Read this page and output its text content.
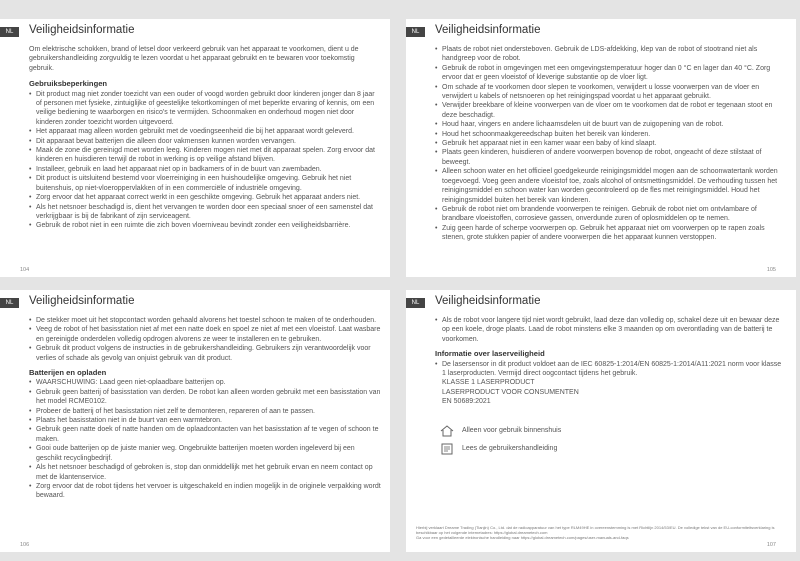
NL	Veiligheidsinformatie

Om elektrische schokken, brand of letsel door verkeerd gebruik van het apparaat te voorkomen, dient u de gebruikershandleiding zorgvuldig te lezen voordat u het apparaat gebruikt en te bewaren voor toekomstig gebruik.

Gebruiksbeperkingen
• Dit product mag niet zonder toezicht van een ouder of voogd worden gebruikt door kinderen jonger dan 8 jaar of personen met fysieke, zintuiglijke of geestelijke tekortkomingen of met beperkte ervaring of kennis, om een veilige bediening te waarborgen en risico's te vermijden. Schoonmaken en onderhoud mogen niet door kinderen zonder toezicht worden uitgevoerd.
• Het apparaat mag alleen worden gebruikt met de voedingseenheid die bij het apparaat wordt geleverd.
• Dit apparaat bevat batterijen die alleen door vakmensen kunnen worden vervangen.
• Maak de zone die gereinigd moet worden leeg. Kinderen mogen niet met dit apparaat spelen. Zorg ervoor dat kinderen en huisdieren terwijl de robot in werking is op veilige afstand blijven.
• Installeer, gebruik en laad het apparaat niet op in badkamers of in de buurt van zwembaden.
• Dit product is uitsluitend bestemd voor vloerreiniging in een huishoudelijke omgeving. Gebruik het niet buitenshuis, op niet-vloeroppervlakken of in een commerciële of industriële omgeving.
• Zorg ervoor dat het apparaat correct werkt in een geschikte omgeving. Gebruik het apparaat anders niet.
• Als het netsnoer beschadigd is, dient het vervangen te worden door een speciaal snoer of een samenstel dat verkrijgbaar is bij de fabrikant of zijn serviceagent.
• Gebruik de robot niet in een ruimte die zich boven vloerniveau bevindt zonder een veiligheidsbarrière.
104
NL	Veiligheidsinformatie
• Plaats de robot niet ondersteboven. Gebruik de LDS-afdekking, klep van de robot of stootrand niet als handgreep voor de robot.
• Gebruik de robot in omgevingen met een omgevingstemperatuur hoger dan 0 °C en lager dan 40 °C. Zorg ervoor dat er geen vloeistof of kleverige substantie op de vloer ligt.
• Om schade af te voorkomen door slepen te voorkomen, verwijdert u losse voorwerpen van de vloer en verwijdert u kabels of netsnoeren op het reinigingspad voordat u het apparaat gebruikt.
• Verwijder breekbare of kleine voorwerpen van de vloer om te voorkomen dat de robot er tegenaan stoot en deze beschadigt.
• Houd haar, vingers en andere lichaamsdelen uit de buurt van de zuigopening van de robot.
• Houd het schoonmaakgereedschap buiten het bereik van kinderen.
• Gebruik het apparaat niet in een kamer waar een baby of kind slaapt.
• Plaats geen kinderen, huisdieren of andere voorwerpen bovenop de robot, ongeacht of deze stilstaat of beweegt.
• Alleen schoon water en het officieel goedgekeurde reinigingsmiddel mogen aan de schoonwatertank worden toegevoegd. Voeg geen andere vloeistof toe, zoals alcohol of ontsmettingsmiddel. De verhouding tussen het reinigingsmiddel en schoon water kan worden gecontroleerd op de fles met reinigingsmiddel. Houd het reinigingsmiddel buiten het bereik van kinderen.
• Gebruik de robot niet om brandende voorwerpen te reinigen. Gebruik de robot niet om ontvlambare of brandbare vloeistoffen, corrosieve gassen, onverdunde zuren of oplosmiddelen op te nemen.
• Zuig geen harde of scherpe voorwerpen op. Gebruik het apparaat niet om voorwerpen op te rapen zoals stenen, grote stukken papier of andere voorwerpen die het apparaat kunnen verstoppen.
105
NL	Veiligheidsinformatie
• De stekker moet uit het stopcontact worden gehaald alvorens het toestel schoon te maken of te onderhouden.
• Veeg de robot of het basisstation niet af met een natte doek en spoel ze niet af met een vloeistof. Laat wasbare en gereinigde onderdelen volledig opdrogen alvorens ze weer te installeren en te gebruiken.
• Gebruik dit product volgens de instructies in de gebruikershandleiding. Gebruikers zijn verantwoordelijk voor verlies of schade als gevolg van onjuist gebruik van dit product.
Batterijen en opladen
• WAARSCHUWING: Laad geen niet-oplaadbare batterijen op.
• Gebruik geen batterij of basisstation van derden. De robot kan alleen worden gebruikt met een basisstation van het model RCME0102.
• Probeer de batterij of het basisstation niet zelf te demonteren, repareren of aan te passen.
• Plaats het basisstation niet in de buurt van een warmtebron.
• Gebruik geen natte doek of natte handen om de oplaadcontacten van het basisstation af te vegen of schoon te maken.
• Gooi oude batterijen op de juiste manier weg. Ongebruikte batterijen moeten worden ingeleverd bij een geschikt recyclingbedrijf.
• Als het netsnoer beschadigd of gebroken is, stop dan onmiddellijk met het gebruik ervan en neem contact op met de klantenservice.
• Zorg ervoor dat de robot tijdens het vervoer is uitgeschakeld en indien mogelijk in de originele verpakking wordt bewaard.
106
NL	Veiligheidsinformatie
• Als de robot voor langere tijd niet wordt gebruikt, laad deze dan volledig op, schakel deze uit en bewaar deze op een koele, droge plaats. Laad de robot minstens elke 3 maanden op om overontlading van de batterij te voorkomen.
Informatie over laserveiligheid
• De lasersensor in dit product voldoet aan de IEC 60825-1:2014/EN 60825-1:2014/A11:2021 norm voor klasse 1 laserproducten. Vermijd direct oogcontact tijdens het gebruik.
KLASSE 1 LASERPRODUCT
LASERPRODUCT VOOR CONSUMENTEN
EN 50689:2021
Alleen voor gebruik binnenshuis
Lees de gebruikershandleiding
Hierbij verklaart Dreame Trading (Tianjin) Co., Ltd. dat de radioapparatuur van het type RLM49HE in overeenstemming is met Richtlijn 2014/53/EU. De volledige tekst van de EU-conformiteitsverklaring is beschikbaar op het volgende internetadres: https://global.dreametech.com
Ga voor een gedetailleerde elektronische handleiding naar https://global.dreametech.com/pages/user-manuals-and-faqs
107
